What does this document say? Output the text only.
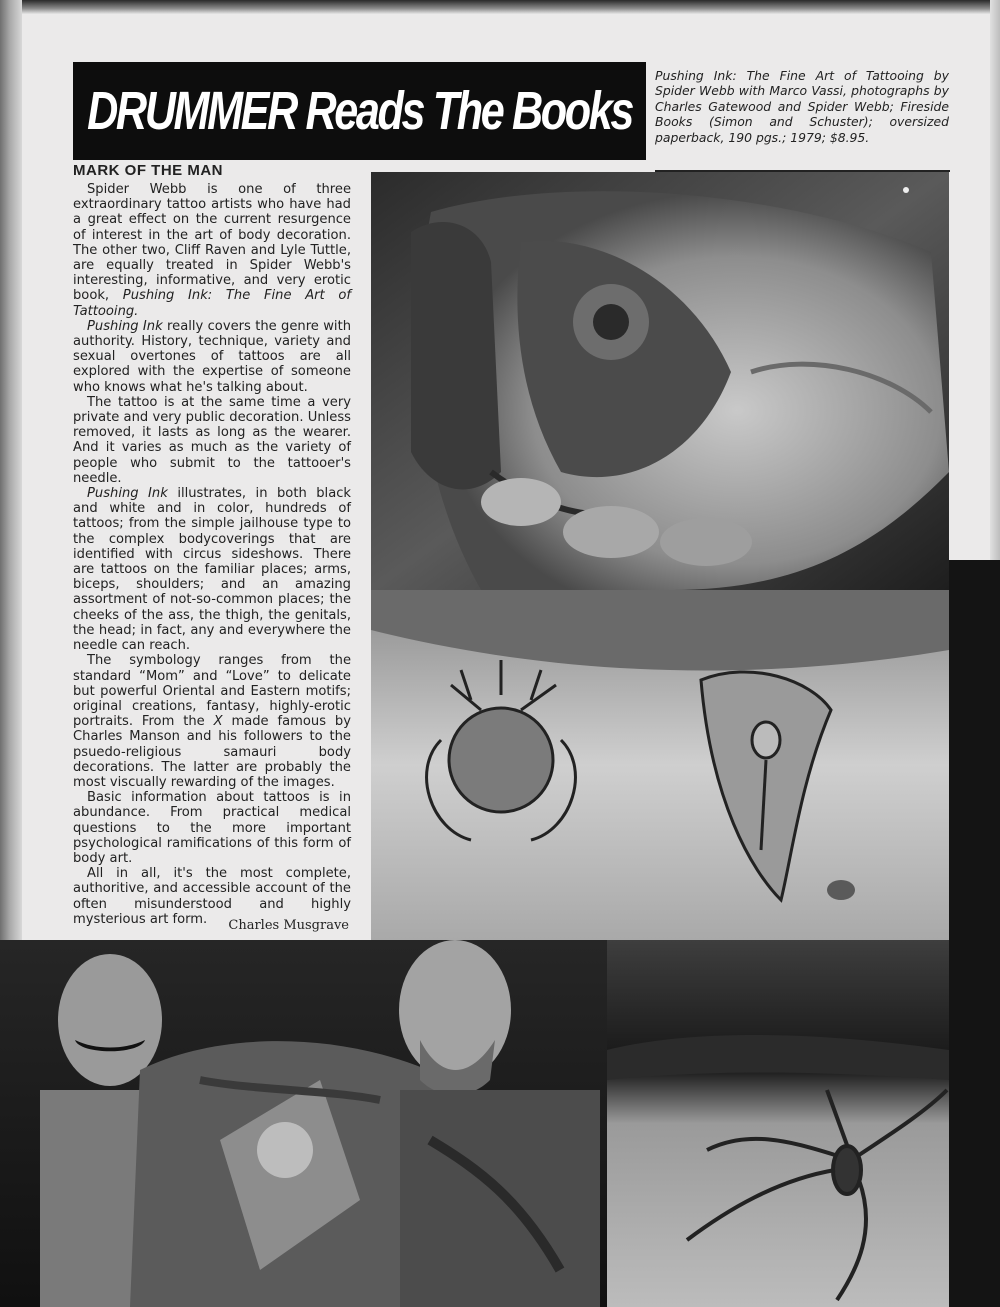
DRUMMER Reads The Books
Pushing Ink: The Fine Art of Tattooing by Spider Webb with Marco Vassi, photographs by Charles Gatewood and Spider Webb; Fireside Books (Simon and Schuster); oversized paperback, 190 pgs.; 1979; $8.95.
MARK OF THE MAN

Spider Webb is one of three extraordinary tattoo artists who have had a great effect on the current resurgence of interest in the art of body decoration. The other two, Cliff Raven and Lyle Tuttle, are equally treated in Spider Webb's interesting, informative, and very erotic book, Pushing Ink: The Fine Art of Tattooing.

Pushing Ink really covers the genre with authority. History, technique, variety and sexual overtones of tattoos are all explored with the expertise of someone who knows what he's talking about.

The tattoo is at the same time a very private and very public decoration. Unless removed, it lasts as long as the wearer. And it varies as much as the variety of people who submit to the tattooer's needle.

Pushing Ink illustrates, in both black and white and in color, hundreds of tattoos; from the simple jailhouse type to the complex bodycoverings that are identified with circus sideshows. There are tattoos on the familiar places; arms, biceps, shoulders; and an amazing assortment of not-so-common places; the cheeks of the ass, the thigh, the genitals, the head; in fact, any and everywhere the needle can reach.

The symbology ranges from the standard “Mom” and “Love” to delicate but powerful Oriental and Eastern motifs; original creations, fantasy, highly-erotic portraits. From the X made famous by Charles Manson and his followers to the psuedo-religious samauri body decorations. The latter are probably the most viscually rewarding of the images.

Basic information about tattoos is in abundance. From practical medical questions to the more important psychological ramifications of this form of body art.

All in all, it's the most complete, authoritive, and accessible account of the often misunderstood and highly mysterious art form.	Charles Musgrave
